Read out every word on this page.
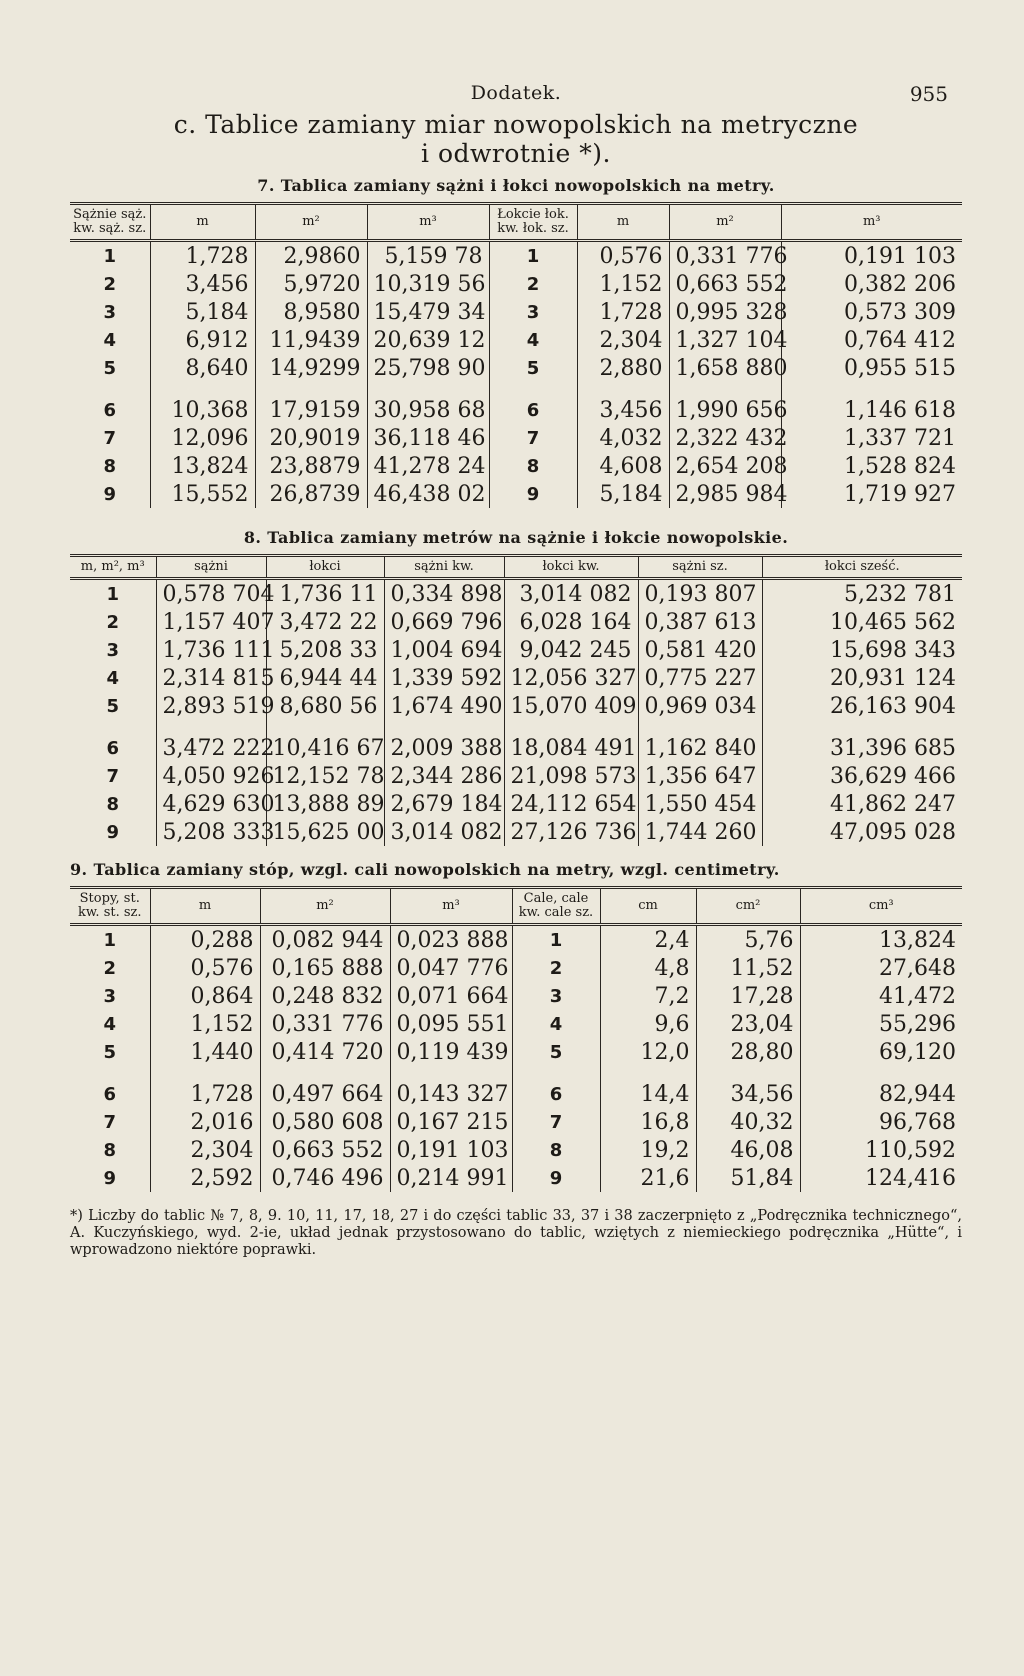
Dodatek.	955
c. Tablice zamiany miar nowopolskich na metryczne
i odwrotnie *).
7. Tablica zamiany sążni i łokci nowopolskich na metry.
Sążnie sąż. kw. sąż. sz.	m	m²	m³	Łokcie łok. kw. łok. sz.	m	m²	m³
1	1,728	2,9860	5,159 78	1	0,576	0,331 776	0,191 103
2	3,456	5,9720	10,319 56	2	1,152	0,663 552	0,382 206
3	5,184	8,9580	15,479 34	3	1,728	0,995 328	0,573 309
4	6,912	11,9439	20,639 12	4	2,304	1,327 104	0,764 412
5	8,640	14,9299	25,798 90	5	2,880	1,658 880	0,955 515
6	10,368	17,9159	30,958 68	6	3,456	1,990 656	1,146 618
7	12,096	20,9019	36,118 46	7	4,032	2,322 432	1,337 721
8	13,824	23,8879	41,278 24	8	4,608	2,654 208	1,528 824
9	15,552	26,8739	46,438 02	9	5,184	2,985 984	1,719 927
8. Tablica zamiany metrów na sążnie i łokcie nowopolskie.
m, m², m³	sążni	łokci	sążni kw.	łokci kw.	sążni sz.	łokci sześć.
1	0,578 704	1,736 11	0,334 898	3,014 082	0,193 807	5,232 781
2	1,157 407	3,472 22	0,669 796	6,028 164	0,387 613	10,465 562
3	1,736 111	5,208 33	1,004 694	9,042 245	0,581 420	15,698 343
4	2,314 815	6,944 44	1,339 592	12,056 327	0,775 227	20,931 124
5	2,893 519	8,680 56	1,674 490	15,070 409	0,969 034	26,163 904
6	3,472 222	10,416 67	2,009 388	18,084 491	1,162 840	31,396 685
7	4,050 926	12,152 78	2,344 286	21,098 573	1,356 647	36,629 466
8	4,629 630	13,888 89	2,679 184	24,112 654	1,550 454	41,862 247
9	5,208 333	15,625 00	3,014 082	27,126 736	1,744 260	47,095 028
9. Tablica zamiany stóp, wzgl. cali nowopolskich na metry, wzgl. centimetry.
Stopy, st. kw. st. sz.	m	m²	m³	Cale, cale kw. cale sz.	cm	cm²	cm³
1	0,288	0,082 944	0,023 888	1	2,4	5,76	13,824
2	0,576	0,165 888	0,047 776	2	4,8	11,52	27,648
3	0,864	0,248 832	0,071 664	3	7,2	17,28	41,472
4	1,152	0,331 776	0,095 551	4	9,6	23,04	55,296
5	1,440	0,414 720	0,119 439	5	12,0	28,80	69,120
6	1,728	0,497 664	0,143 327	6	14,4	34,56	82,944
7	2,016	0,580 608	0,167 215	7	16,8	40,32	96,768
8	2,304	0,663 552	0,191 103	8	19,2	46,08	110,592
9	2,592	0,746 496	0,214 991	9	21,6	51,84	124,416
*) Liczby do tablic № 7, 8, 9. 10, 11, 17, 18, 27 i do części tablic 33, 37 i 38 zaczerpnięto z „Podręcznika technicznego“, A. Kuczyńskiego, wyd. 2-ie, układ jednak przystosowano do tablic, wziętych z niemieckiego podręcznika „Hütte“, i wprowadzono niektóre poprawki.
